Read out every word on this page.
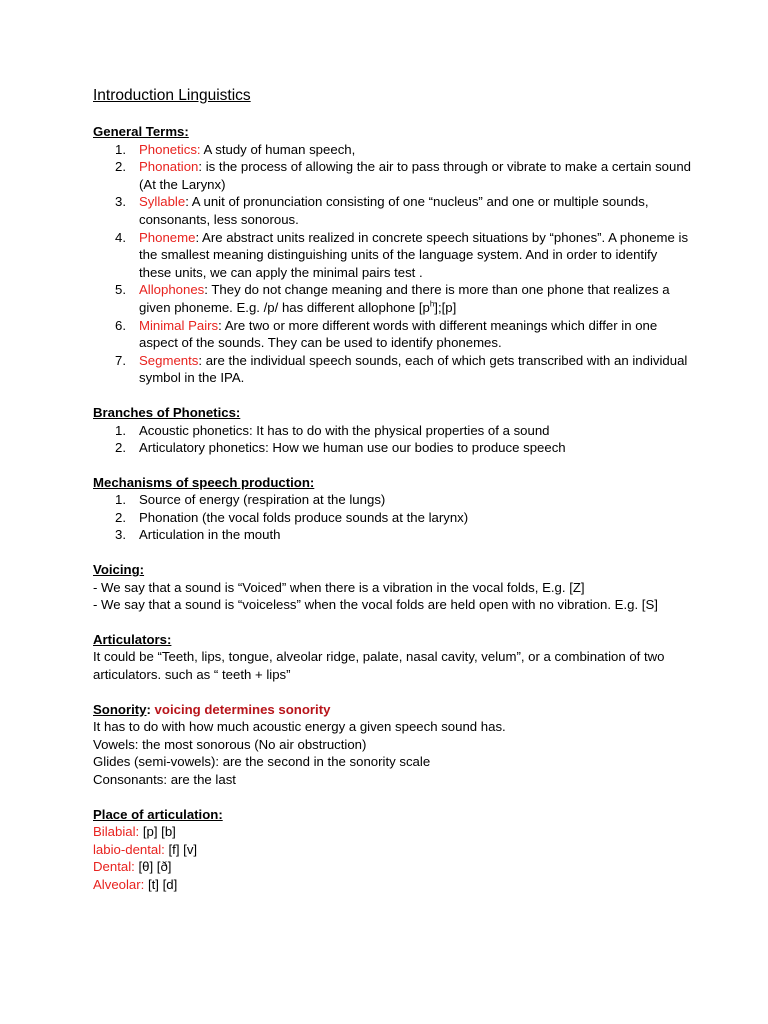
Introduction Linguistics
General Terms:
1. Phonetics: A study of human speech,
2. Phonation: is the process of allowing the air to pass through or vibrate to make a certain sound (At the Larynx)
3. Syllable: A unit of pronunciation consisting of one “nucleus” and one or multiple sounds, consonants, less sonorous.
4. Phoneme: Are abstract units realized in concrete speech situations by “phones”. A phoneme is the smallest meaning distinguishing units of the language system. And in order to identify these units, we can apply the minimal pairs test .
5. Allophones: They do not change meaning and there is more than one phone that realizes a given phoneme. E.g. /p/ has different allophone $[p^h];[p]$
6. Minimal Pairs: Are two or more different words with different meanings which differ in one aspect of the sounds. They can be used to identify phonemes.
7. Segments: are the individual speech sounds, each of which gets transcribed with an individual symbol in the IPA.
Branches of Phonetics:
1. Acoustic phonetics: It has to do with the physical properties of a sound
2. Articulatory phonetics: How we human use our bodies to produce speech
Mechanisms of speech production:
1. Source of energy (respiration at the lungs)
2. Phonation (the vocal folds produce sounds at the larynx)
3. Articulation in the mouth
Voicing:
- We say that a sound is “Voiced” when there is a vibration in the vocal folds, E.g. [Z]
- We say that a sound is “voiceless” when the vocal folds are held open with no vibration. E.g. [S]
Articulators:
It could be “Teeth, lips, tongue, alveolar ridge, palate, nasal cavity, velum”, or a combination of two articulators. such as “ teeth + lips”
Sonority: voicing determines sonority
It has to do with how much acoustic energy a given speech sound has.
Vowels: the most sonorous (No air obstruction)
Glides (semi-vowels): are the second in the sonority scale
Consonants: are the last
Place of articulation:
Bilabial: [p] [b]
labio-dental: [f] [v]
Dental: [θ] [ð]
Alveolar: [t] [d]
